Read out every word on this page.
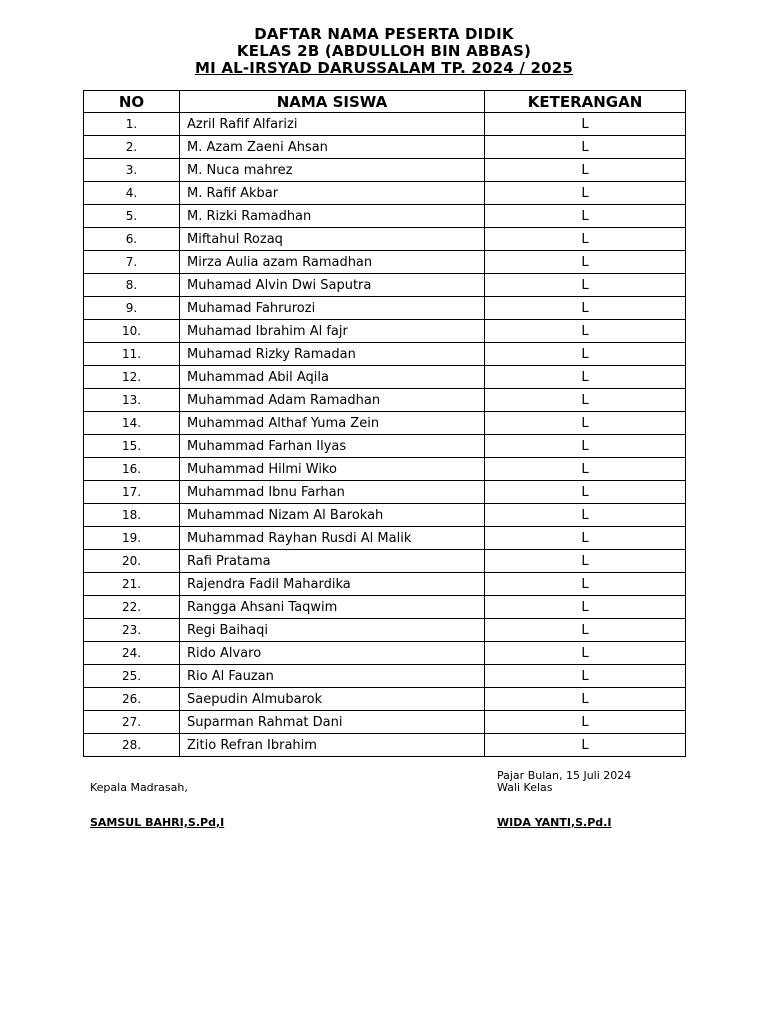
DAFTAR NAMA PESERTA DIDIK
KELAS 2B (ABDULLOH BIN ABBAS)
MI AL-IRSYAD DARUSSALAM TP. 2024 / 2025
NO	NAMA SISWA	KETERANGAN
1.	Azril Rafif Alfarizi	L
2.	M. Azam Zaeni Ahsan	L
3.	M. Nuca mahrez	L
4.	M. Rafif Akbar	L
5.	M. Rizki Ramadhan	L
6.	Miftahul Rozaq	L
7.	Mirza Aulia azam Ramadhan	L
8.	Muhamad Alvin Dwi Saputra	L
9.	Muhamad Fahrurozi	L
10.	Muhamad Ibrahim Al fajr	L
11.	Muhamad Rizky Ramadan	L
12.	Muhammad Abil Aqila	L
13.	Muhammad Adam Ramadhan	L
14.	Muhammad Althaf Yuma Zein	L
15.	Muhammad Farhan Ilyas	L
16.	Muhammad Hilmi Wiko	L
17.	Muhammad Ibnu Farhan	L
18.	Muhammad Nizam Al Barokah	L
19.	Muhammad Rayhan Rusdi Al Malik	L
20.	Rafi Pratama	L
21.	Rajendra Fadil Mahardika	L
22.	Rangga Ahsani Taqwim	L
23.	Regi Baihaqi	L
24.	Rido Alvaro	L
25.	Rio Al Fauzan	L
26.	Saepudin Almubarok	L
27.	Suparman Rahmat Dani	L
28.	Zitio Refran Ibrahim	L
Pajar Bulan, 15 Juli 2024
Kepala Madrasah,	Wali Kelas
SAMSUL BAHRI,S.Pd,I	WIDA YANTI,S.Pd.I
